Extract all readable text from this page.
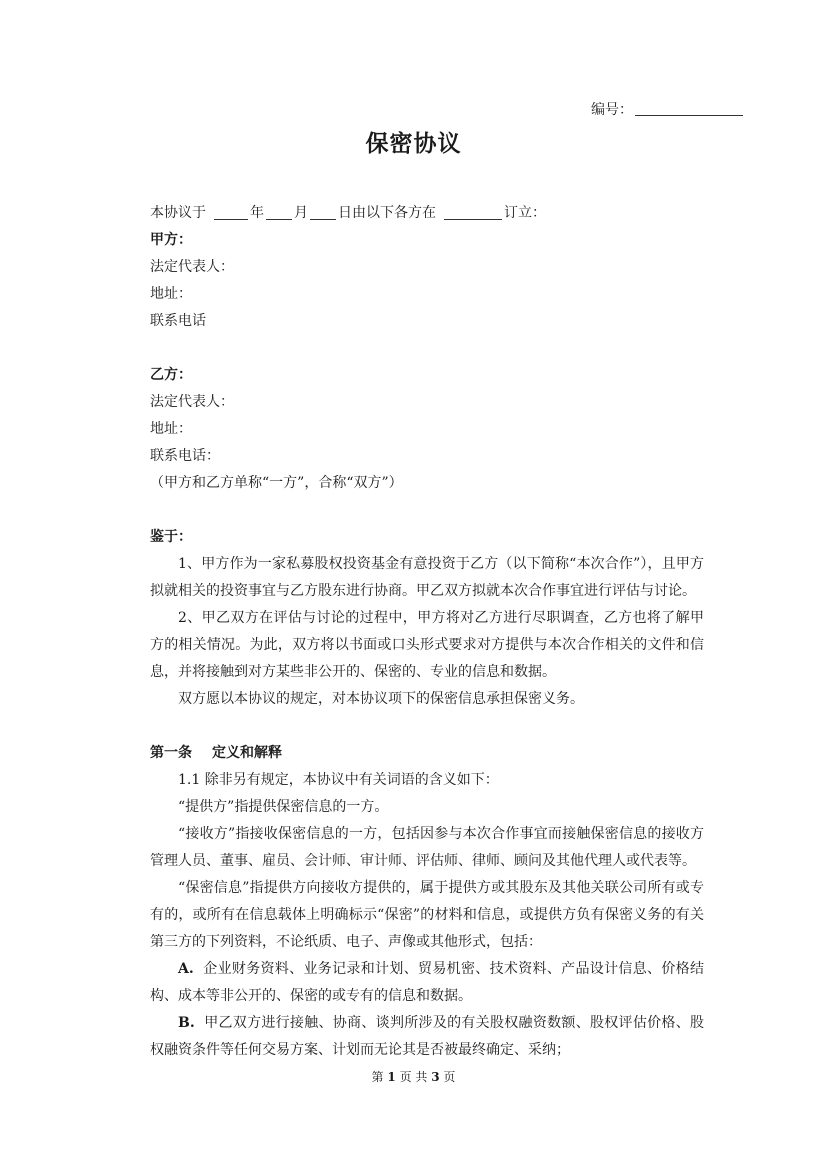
编号：
保密协议
本协议于	年 月 日由以下各方在	订立：
甲方：
法定代表人：
地址：
联系电话
乙方：
法定代表人：
地址：
联系电话：
（甲方和乙方单称“一方”，合称“双方”）
鉴于：
1、甲方作为一家私募股权投资基金有意投资于乙方（以下简称“本次合作”），且甲方拟就相关的投资事宜与乙方股东进行协商。甲乙双方拟就本次合作事宜进行评估与讨论。
2、甲乙双方在评估与讨论的过程中，甲方将对乙方进行尽职调查，乙方也将了解甲方的相关情况。为此，双方将以书面或口头形式要求对方提供与本次合作相关的文件和信息，并将接触到对方某些非公开的、保密的、专业的信息和数据。
双方愿以本协议的规定，对本协议项下的保密信息承担保密义务。
第一条 定义和解释
1.1 除非另有规定，本协议中有关词语的含义如下：
“提供方”指提供保密信息的一方。
“接收方”指接收保密信息的一方，包括因参与本次合作事宜而接触保密信息的接收方管理人员、董事、雇员、会计师、审计师、评估师、律师、顾问及其他代理人或代表等。
“保密信息”指提供方向接收方提供的，属于提供方或其股东及其他关联公司所有或专有的，或所有在信息载体上明确标示“保密”的材料和信息，或提供方负有保密义务的有关第三方的下列资料，不论纸质、电子、声像或其他形式，包括：
A. 企业财务资料、业务记录和计划、贸易机密、技术资料、产品设计信息、价格结构、成本等非公开的、保密的或专有的信息和数据。
B. 甲乙双方进行接触、协商、谈判所涉及的有关股权融资数额、股权评估价格、股权融资条件等任何交易方案、计划而无论其是否被最终确定、采纳；
第 1 页 共 3 页
